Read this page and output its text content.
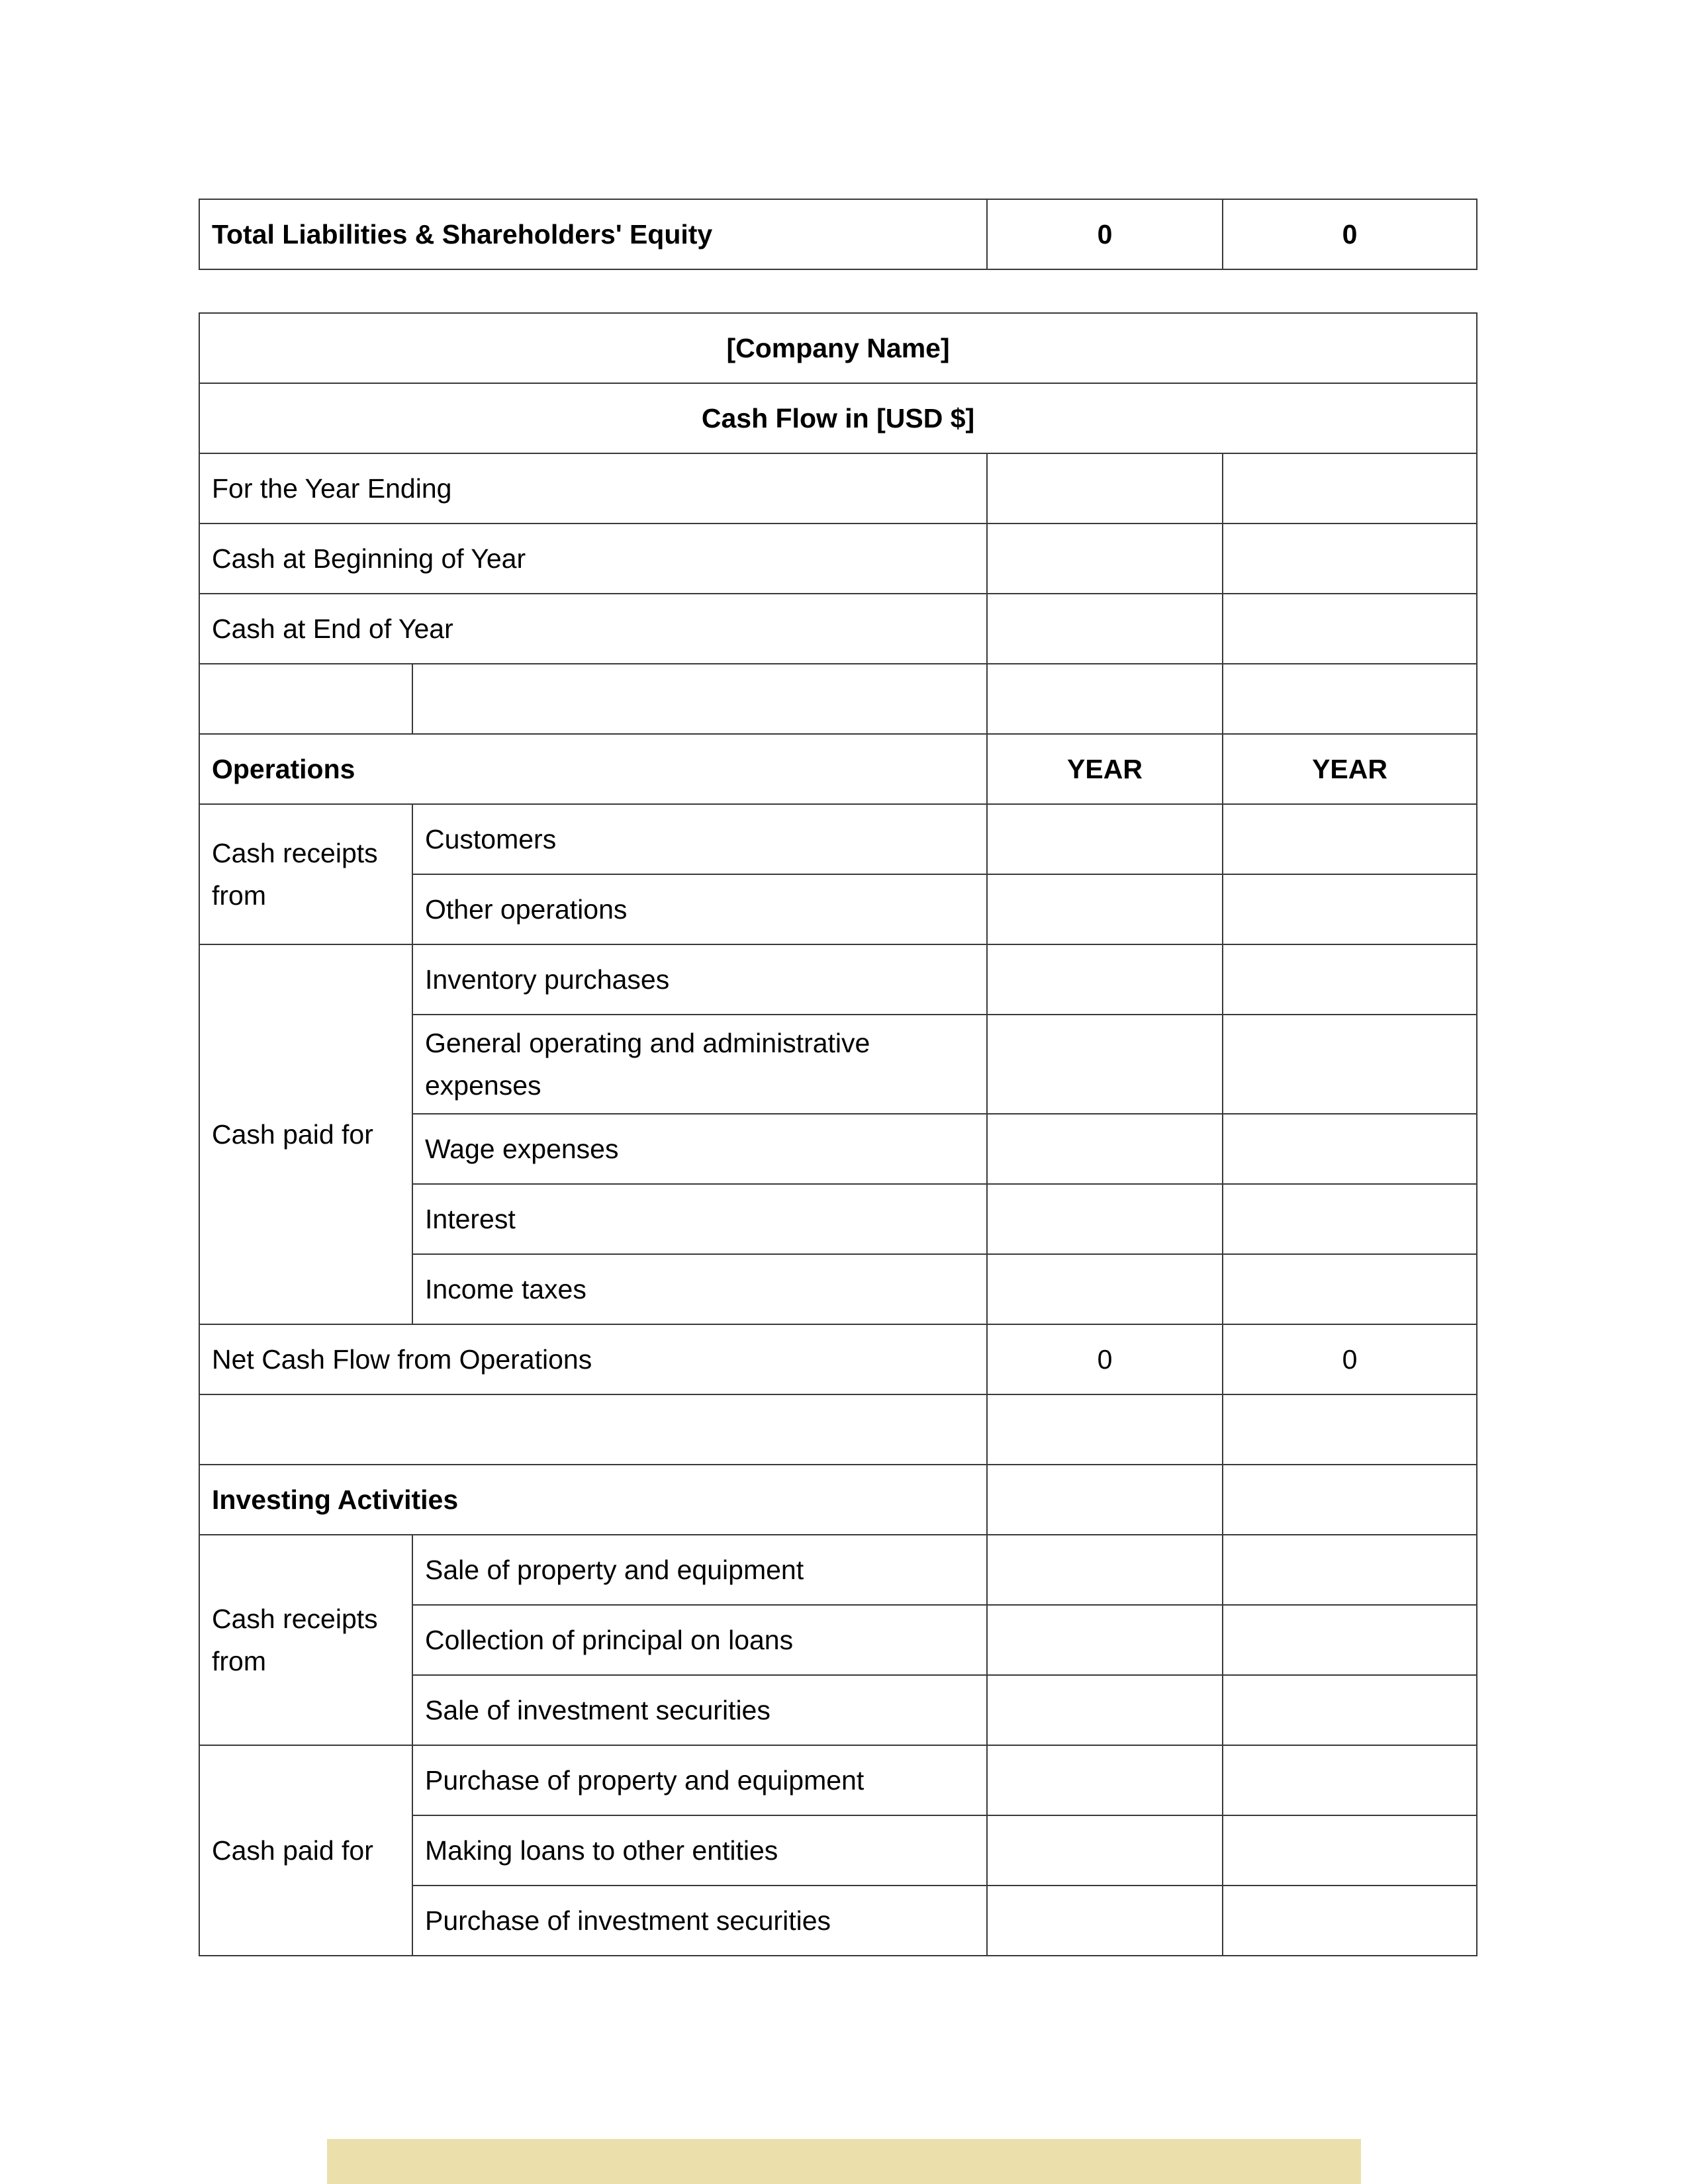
Total Liabilities & Shareholders' Equity	0	0
[Company Name]			
Cash Flow in [USD $]			
For the Year Ending			
Cash at Beginning of Year			
Cash at End of Year			

Operations		YEAR	YEAR
Cash receipts from	Customers		
	Other operations		
Cash paid for	Inventory purchases		
	General operating and administrative expenses		
	Wage expenses		
	Interest		
	Income taxes		
Net Cash Flow from Operations		0	0

Investing Activities			
Cash receipts from	Sale of property and equipment		
	Collection of principal on loans		
	Sale of investment securities		
Cash paid for	Purchase of property and equipment		
	Making loans to other entities		
	Purchase of investment securities		
